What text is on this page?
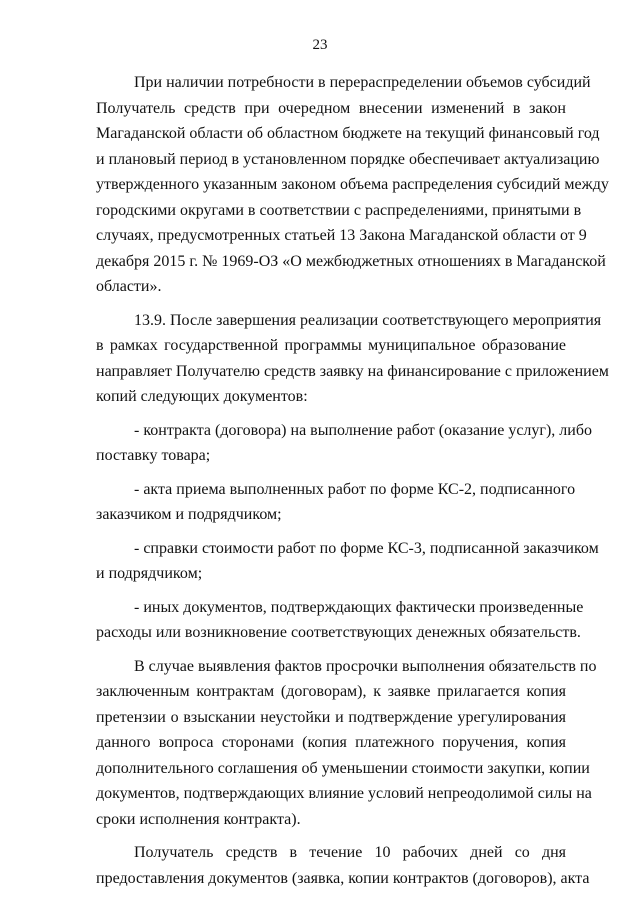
23

При наличии потребности в перераспределении объемов субсидий
Получатель средств при очередном внесении изменений в закон
Магаданской области об областном бюджете на текущий финансовый год
и плановый период в установленном порядке обеспечивает актуализацию
утвержденного указанным законом объема распределения субсидий между
городскими округами в соответствии с распределениями, принятыми в
случаях, предусмотренных статьей 13 Закона Магаданской области от 9
декабря 2015 г. № 1969-ОЗ «О межбюджетных отношениях в Магаданской
области».

13.9. После завершения реализации соответствующего мероприятия
в рамках государственной программы муниципальное образование
направляет Получателю средств заявку на финансирование с приложением
копий следующих документов:

- контракта (договора) на выполнение работ (оказание услуг), либо
поставку товара;

- акта приема выполненных работ по форме КС-2, подписанного
заказчиком и подрядчиком;

- справки стоимости работ по форме КС-3, подписанной заказчиком
и подрядчиком;

- иных документов, подтверждающих фактически произведенные
расходы или возникновение соответствующих денежных обязательств.

В случае выявления фактов просрочки выполнения обязательств по
заключенным контрактам (договорам), к заявке прилагается копия
претензии о взыскании неустойки и подтверждение урегулирования
данного вопроса сторонами (копия платежного поручения, копия
дополнительного соглашения об уменьшении стоимости закупки, копии
документов, подтверждающих влияние условий непреодолимой силы на
сроки исполнения контракта).

Получатель средств в течение 10 рабочих дней со дня
предоставления документов (заявка, копии контрактов (договоров), акта
